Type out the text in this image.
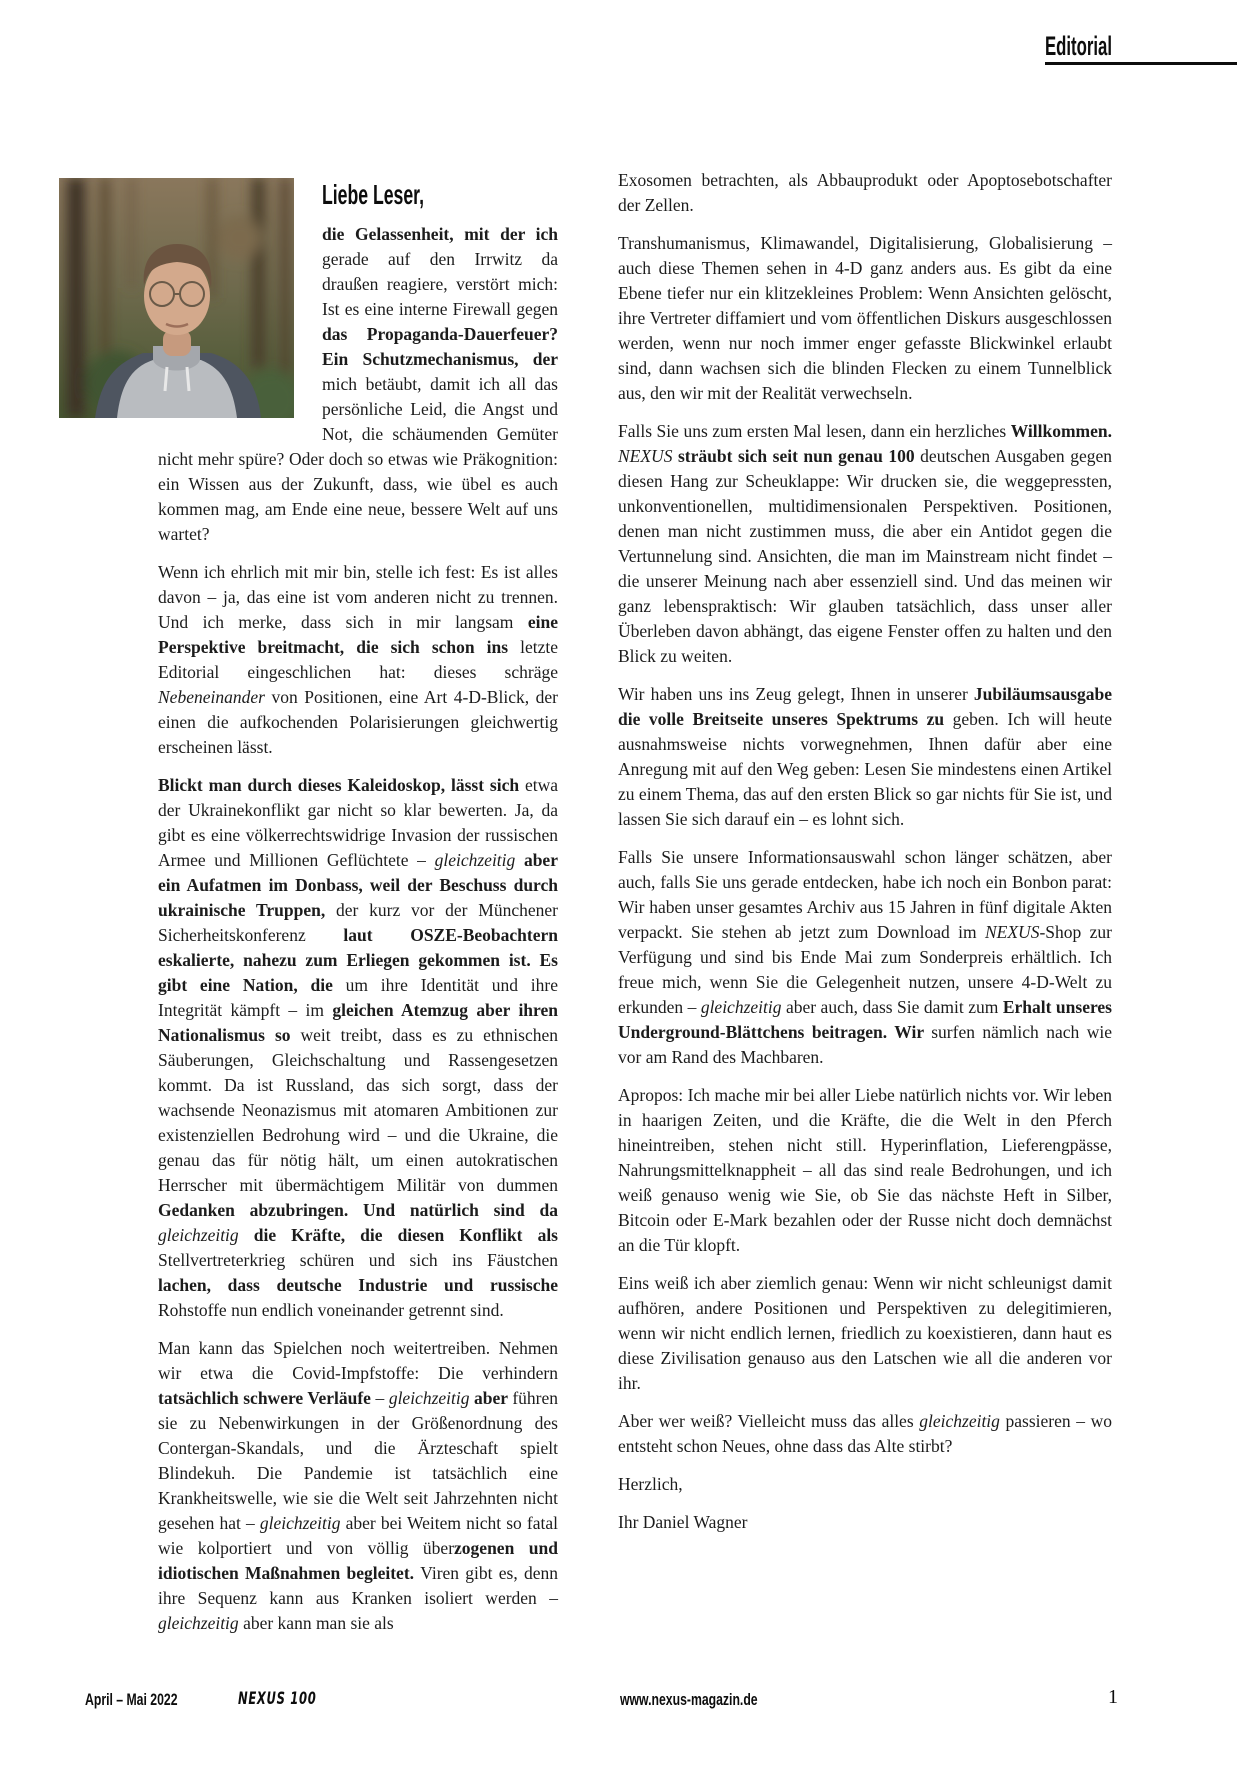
Editorial
Liebe Leser,

die Gelassenheit, mit der ich gerade auf den Irrwitz da draußen reagiere, verstört mich: Ist es eine interne Firewall gegen das Propaganda-Dauerfeuer? Ein Schutzmechanismus, der mich betäubt, damit ich all das persönliche Leid, die Angst und Not, die schäumenden Gemüter nicht mehr spüre? Oder doch so etwas wie Präkognition: ein Wissen aus der Zukunft, dass, wie übel es auch kommen mag, am Ende eine neue, bessere Welt auf uns wartet?

Wenn ich ehrlich mit mir bin, stelle ich fest: Es ist alles davon – ja, das eine ist vom anderen nicht zu trennen. Und ich merke, dass sich in mir langsam eine Perspektive breitmacht, die sich schon ins letzte Editorial eingeschlichen hat: dieses schräge Nebeneinander von Positionen, eine Art 4-D-Blick, der einen die aufkochenden Polarisierungen gleichwertig erscheinen lässt.

Blickt man durch dieses Kaleidoskop, lässt sich etwa der Ukrainekonflikt gar nicht so klar bewerten. Ja, da gibt es eine völkerrechtswidrige Invasion der russischen Armee und Millionen Geflüchtete – gleichzeitig aber ein Aufatmen im Donbass, weil der Beschuss durch ukrainische Truppen, der kurz vor der Münchener Sicherheitskonferenz laut OSZE-Beobachtern eskalierte, nahezu zum Erliegen gekommen ist. Es gibt eine Nation, die um ihre Identität und ihre Integrität kämpft – im gleichen Atemzug aber ihren Nationalismus so weit treibt, dass es zu ethnischen Säuberungen, Gleichschaltung und Rassengesetzen kommt. Da ist Russland, das sich sorgt, dass der wachsende Neonazismus mit atomaren Ambitionen zur existenziellen Bedrohung wird – und die Ukraine, die genau das für nötig hält, um einen autokratischen Herrscher mit übermächtigem Militär von dummen Gedanken abzubringen. Und natürlich sind da gleichzeitig die Kräfte, die diesen Konflikt als Stellvertreterkrieg schüren und sich ins Fäustchen lachen, dass deutsche Industrie und russische Rohstoffe nun endlich voneinander getrennt sind.

Man kann das Spielchen noch weitertreiben. Nehmen wir etwa die Covid-Impfstoffe: Die verhindern tatsächlich schwere Verläufe – gleichzeitig aber führen sie zu Nebenwirkungen in der Größenordnung des Contergan-Skandals, und die Ärzteschaft spielt Blindekuh. Die Pandemie ist tatsächlich eine Krankheitswelle, wie sie die Welt seit Jahrzehnten nicht gesehen hat – gleichzeitig aber bei Weitem nicht so fatal wie kolportiert und von völlig überzogenen und idiotischen Maßnahmen begleitet. Viren gibt es, denn ihre Sequenz kann aus Kranken isoliert werden – gleichzeitig aber kann man sie als

Exosomen betrachten, als Abbauprodukt oder Apoptosebotschafter der Zellen.

Transhumanismus, Klimawandel, Digitalisierung, Globalisierung – auch diese Themen sehen in 4-D ganz anders aus. Es gibt da eine Ebene tiefer nur ein klitzekleines Problem: Wenn Ansichten gelöscht, ihre Vertreter diffamiert und vom öffentlichen Diskurs ausgeschlossen werden, wenn nur noch immer enger gefasste Blickwinkel erlaubt sind, dann wachsen sich die blinden Flecken zu einem Tunnelblick aus, den wir mit der Realität verwechseln.

Falls Sie uns zum ersten Mal lesen, dann ein herzliches Willkommen. NEXUS sträubt sich seit nun genau 100 deutschen Ausgaben gegen diesen Hang zur Scheuklappe: Wir drucken sie, die weggepressten, unkonventionellen, multidimensionalen Perspektiven. Positionen, denen man nicht zustimmen muss, die aber ein Antidot gegen die Vertunnelung sind. Ansichten, die man im Mainstream nicht findet – die unserer Meinung nach aber essenziell sind. Und das meinen wir ganz lebenspraktisch: Wir glauben tatsächlich, dass unser aller Überleben davon abhängt, das eigene Fenster offen zu halten und den Blick zu weiten.

Wir haben uns ins Zeug gelegt, Ihnen in unserer Jubiläumsausgabe die volle Breitseite unseres Spektrums zu geben. Ich will heute ausnahmsweise nichts vorwegnehmen, Ihnen dafür aber eine Anregung mit auf den Weg geben: Lesen Sie mindestens einen Artikel zu einem Thema, das auf den ersten Blick so gar nichts für Sie ist, und lassen Sie sich darauf ein – es lohnt sich.

Falls Sie unsere Informationsauswahl schon länger schätzen, aber auch, falls Sie uns gerade entdecken, habe ich noch ein Bonbon parat: Wir haben unser gesamtes Archiv aus 15 Jahren in fünf digitale Akten verpackt. Sie stehen ab jetzt zum Download im NEXUS-Shop zur Verfügung und sind bis Ende Mai zum Sonderpreis erhältlich. Ich freue mich, wenn Sie die Gelegenheit nutzen, unsere 4-D-Welt zu erkunden – gleichzeitig aber auch, dass Sie damit zum Erhalt unseres Underground-Blättchens beitragen. Wir surfen nämlich nach wie vor am Rand des Machbaren.

Apropos: Ich mache mir bei aller Liebe natürlich nichts vor. Wir leben in haarigen Zeiten, und die Kräfte, die die Welt in den Pferch hineintreiben, stehen nicht still. Hyperinflation, Lieferengpässe, Nahrungsmittelknappheit – all das sind reale Bedrohungen, und ich weiß genauso wenig wie Sie, ob Sie das nächste Heft in Silber, Bitcoin oder E-Mark bezahlen oder der Russe nicht doch demnächst an die Tür klopft.

Eins weiß ich aber ziemlich genau: Wenn wir nicht schleunigst damit aufhören, andere Positionen und Perspektiven zu delegitimieren, wenn wir nicht endlich lernen, friedlich zu koexistieren, dann haut es diese Zivilisation genauso aus den Latschen wie all die anderen vor ihr.

Aber wer weiß? Vielleicht muss das alles gleichzeitig passieren – wo entsteht schon Neues, ohne dass das Alte stirbt?

Herzlich,

Ihr Daniel Wagner

April – Mai 2022	NEXUS 100	www.nexus-magazin.de	1
